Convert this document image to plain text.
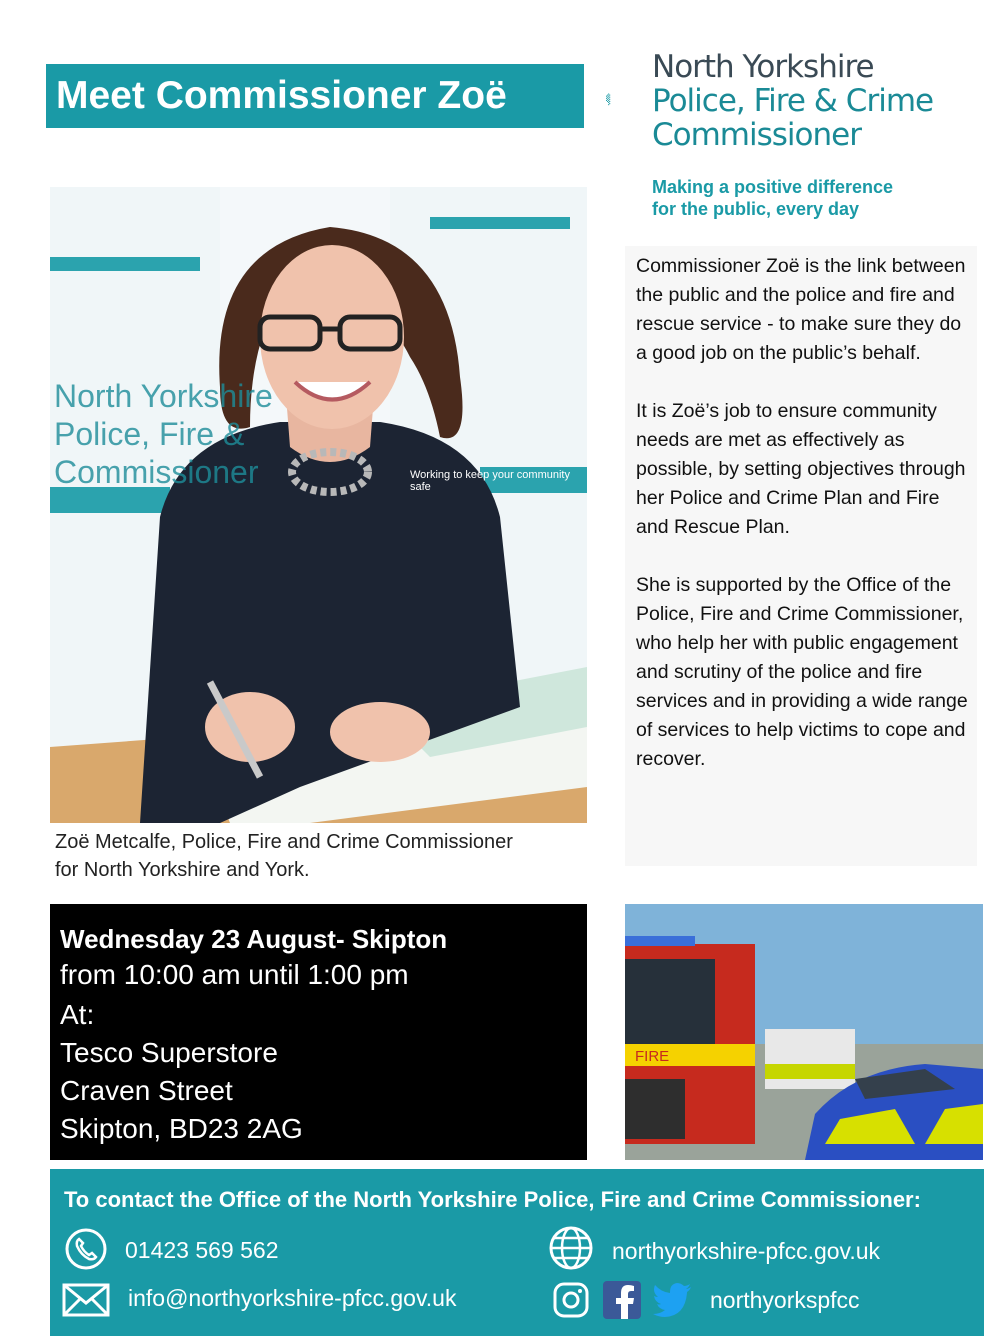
Meet Commissioner Zoë
North Yorkshire
Police, Fire & Crime
Commissioner
Making a positive difference
for the public, every day
North Yorkshire
Police, Fire &
Commissioner	Working to keep your community safe
Zoë Metcalfe, Police, Fire and Crime Commissioner
for North Yorkshire and York.

Commissioner Zoë is the link between the public and the police and fire and rescue service - to make sure they do a good job on the public’s behalf.

It is Zoë’s job to ensure community needs are met as effectively as possible, by setting objectives through her Police and Crime Plan and Fire and Rescue Plan.

She is supported by the Office of the Police, Fire and Crime Commissioner, who help her with public engagement and scrutiny of the police and fire services and in providing a wide range of services to help victims to cope and recover.

Wednesday 23 August- Skipton
from 10:00 am until 1:00 pm
At:
Tesco Superstore
Craven Street
Skipton, BD23 2AG
FIRE
To contact the Office of the North Yorkshire Police, Fire and Crime Commissioner:
01423 569 562	northyorkshire-pfcc.gov.uk
info@northyorkshire-pfcc.gov.uk	northyorkspfcc
